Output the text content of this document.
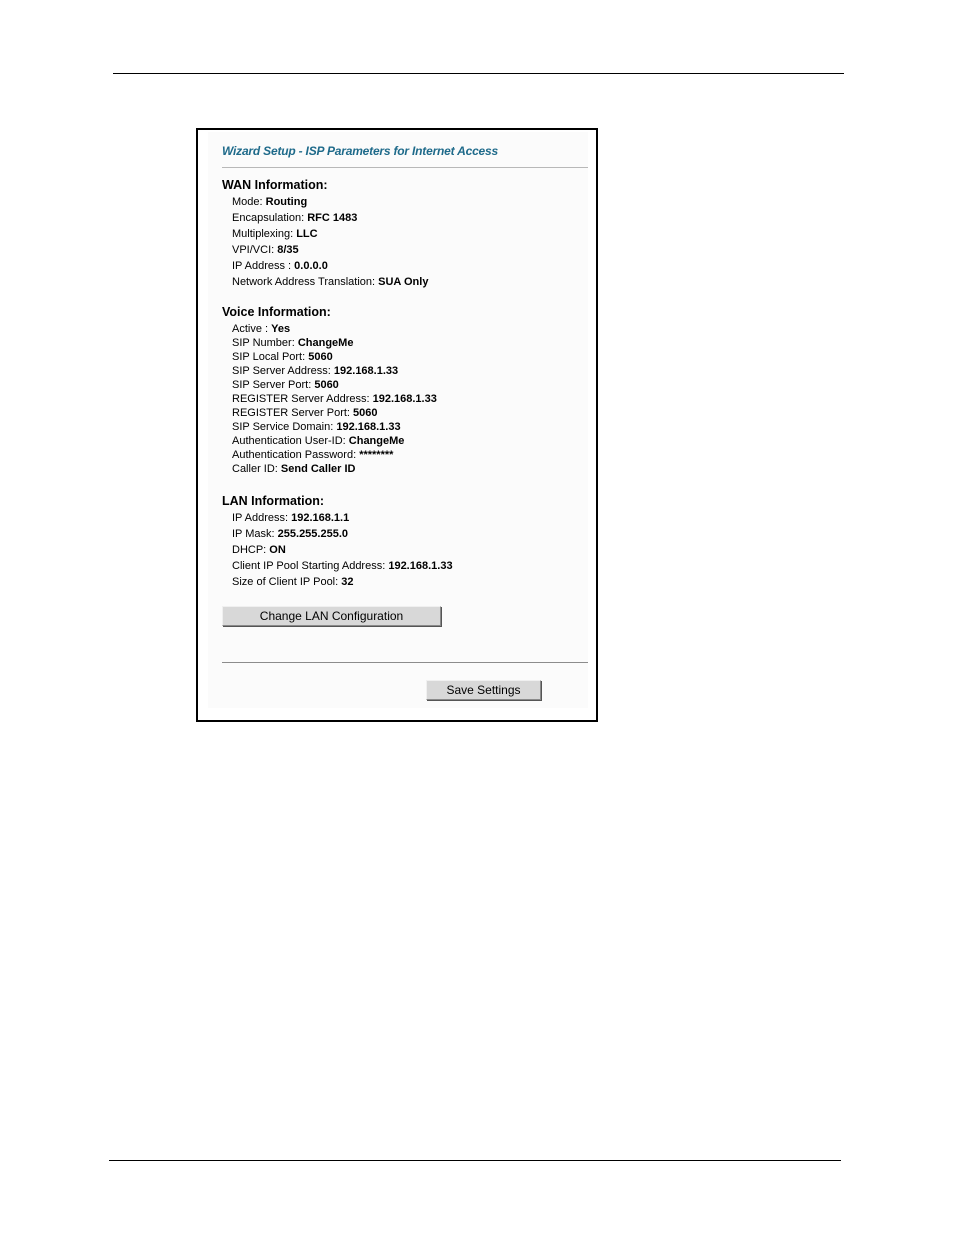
Wizard Setup - ISP Parameters for Internet Access
WAN Information:
Mode: Routing
Encapsulation: RFC 1483
Multiplexing: LLC
VPI/VCI: 8/35
IP Address : 0.0.0.0
Network Address Translation: SUA Only
Voice Information:
Active : Yes
SIP Number: ChangeMe
SIP Local Port: 5060
SIP Server Address: 192.168.1.33
SIP Server Port: 5060
REGISTER Server Address: 192.168.1.33
REGISTER Server Port: 5060
SIP Service Domain: 192.168.1.33
Authentication User-ID: ChangeMe
Authentication Password: ********
Caller ID: Send Caller ID
LAN Information:
IP Address: 192.168.1.1
IP Mask: 255.255.255.0
DHCP: ON
Client IP Pool Starting Address: 192.168.1.33
Size of Client IP Pool: 32
Change LAN Configuration
Save Settings
